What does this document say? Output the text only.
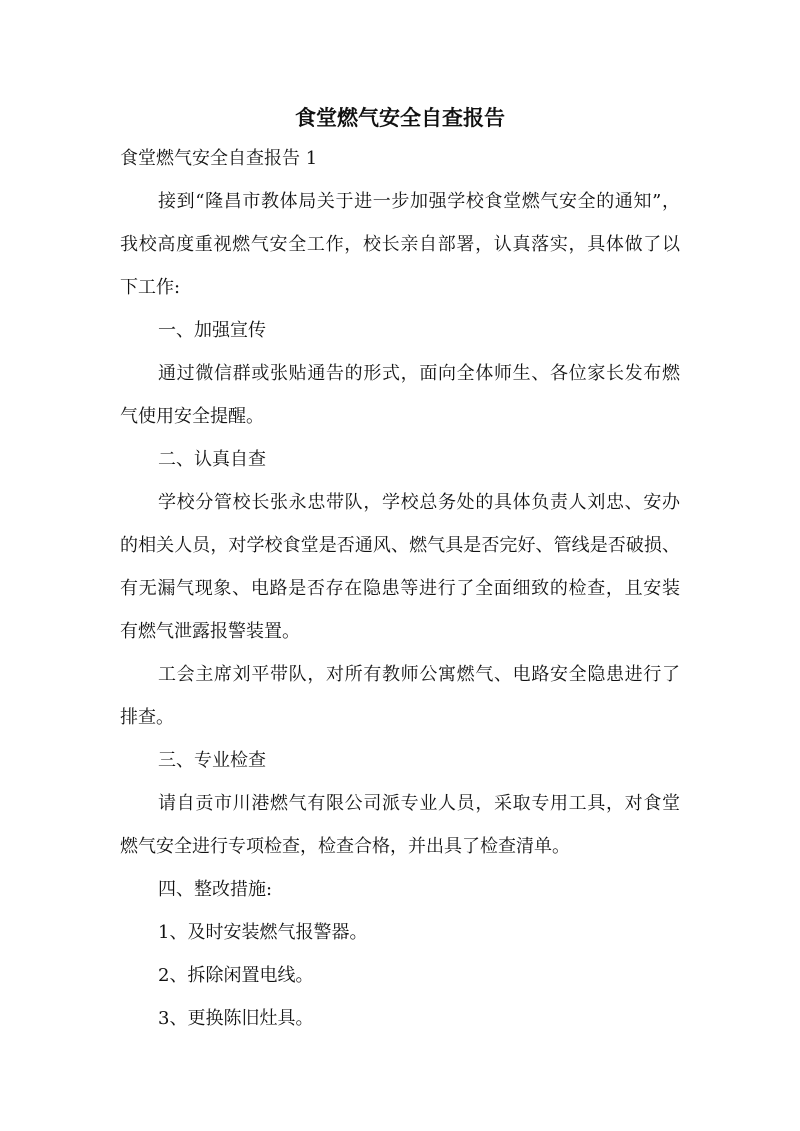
食堂燃气安全自查报告
食堂燃气安全自查报告 1
接到“隆昌市教体局关于进一步加强学校食堂燃气安全的通知”，
我校高度重视燃气安全工作，校长亲自部署，认真落实，具体做了以
下工作:
一、加强宣传
通过微信群或张贴通告的形式，面向全体师生、各位家长发布燃
气使用安全提醒。
二、认真自查
学校分管校长张永忠带队，学校总务处的具体负责人刘忠、安办
的相关人员，对学校食堂是否通风、燃气具是否完好、管线是否破损、
有无漏气现象、电路是否存在隐患等进行了全面细致的检查，且安装
有燃气泄露报警装置。
工会主席刘平带队，对所有教师公寓燃气、电路安全隐患进行了
排查。
三、专业检查
请自贡市川港燃气有限公司派专业人员，采取专用工具，对食堂
燃气安全进行专项检查，检查合格，并出具了检查清单。
四、整改措施:
1、及时安装燃气报警器。
2、拆除闲置电线。
3、更换陈旧灶具。
